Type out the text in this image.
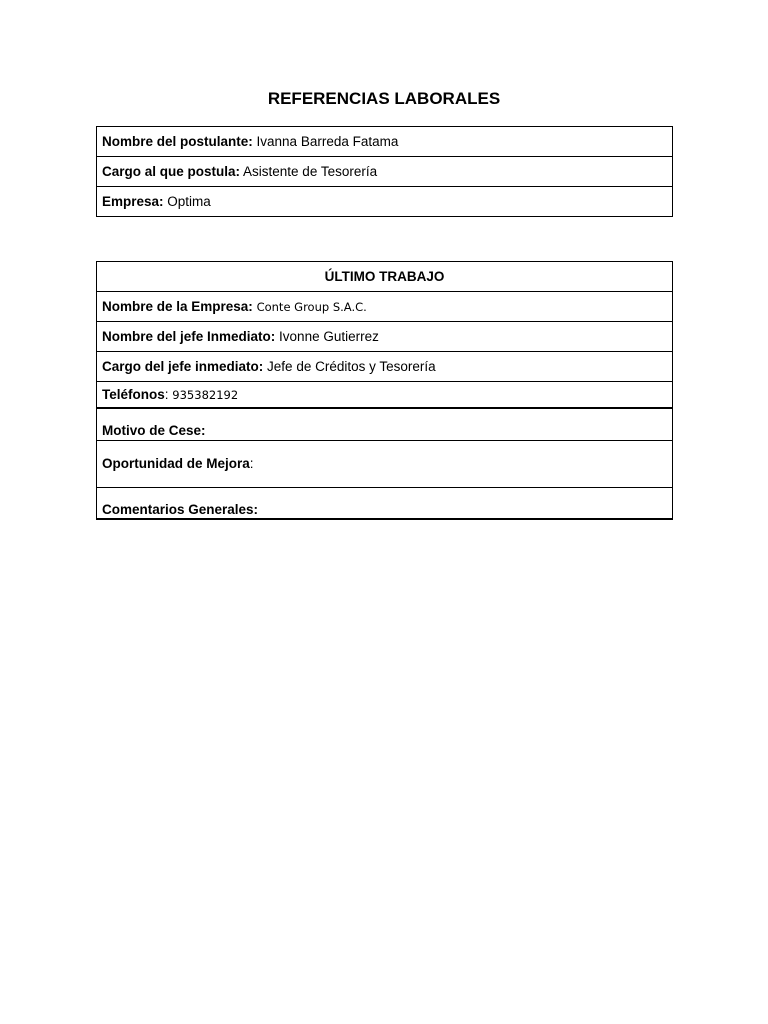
REFERENCIAS LABORALES
Nombre del postulante: Ivanna Barreda Fatama
Cargo al que postula: Asistente de Tesorería
Empresa: Optima
ÚLTIMO TRABAJO
Nombre de la Empresa: Conte Group S.A.C.
Nombre del jefe Inmediato: Ivonne Gutierrez
Cargo del jefe inmediato: Jefe de Créditos y Tesorería
Teléfonos: 935382192
Motivo de Cese:
Oportunidad de Mejora:
Comentarios Generales:
